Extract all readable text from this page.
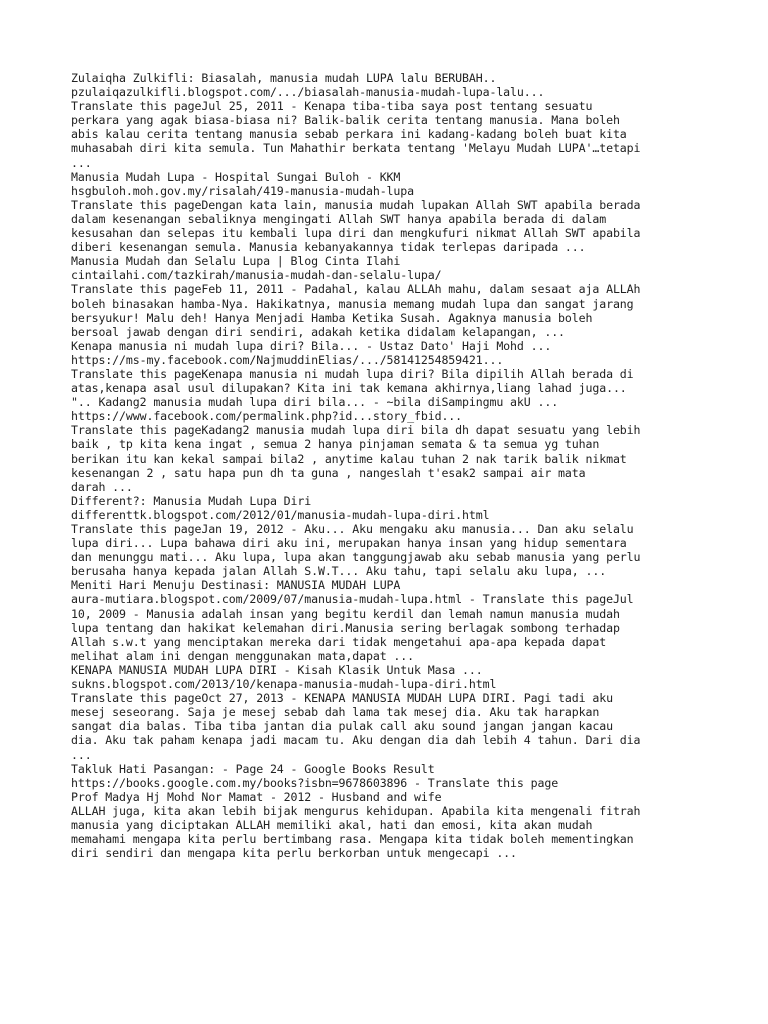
Zulaiqha Zulkifli: Biasalah, manusia mudah LUPA lalu BERUBAH..
pzulaiqazulkifli.blogspot.com/.../biasalah-manusia-mudah-lupa-lalu...
Translate this pageJul 25, 2011 - Kenapa tiba-tiba saya post tentang sesuatu
perkara yang agak biasa-biasa ni? Balik-balik cerita tentang manusia. Mana boleh
abis kalau cerita tentang manusia sebab perkara ini kadang-kadang boleh buat kita
muhasabah diri kita semula. Tun Mahathir berkata tentang 'Melayu Mudah LUPA'…tetapi
...
Manusia Mudah Lupa - Hospital Sungai Buloh - KKM
hsgbuloh.moh.gov.my/risalah/419-manusia-mudah-lupa
Translate this pageDengan kata lain, manusia mudah lupakan Allah SWT apabila berada
dalam kesenangan sebaliknya mengingati Allah SWT hanya apabila berada di dalam
kesusahan dan selepas itu kembali lupa diri dan mengkufuri nikmat Allah SWT apabila
diberi kesenangan semula. Manusia kebanyakannya tidak terlepas daripada ...
Manusia Mudah dan Selalu Lupa | Blog Cinta Ilahi
cintailahi.com/tazkirah/manusia-mudah-dan-selalu-lupa/
Translate this pageFeb 11, 2011 - Padahal, kalau ALLAh mahu, dalam sesaat aja ALLAh
boleh binasakan hamba-Nya. Hakikatnya, manusia memang mudah lupa dan sangat jarang
bersyukur! Malu deh! Hanya Menjadi Hamba Ketika Susah. Agaknya manusia boleh
bersoal jawab dengan diri sendiri, adakah ketika didalam kelapangan, ...
Kenapa manusia ni mudah lupa diri? Bila... - Ustaz Dato' Haji Mohd ...
https://ms-my.facebook.com/NajmuddinElias/.../58141254859421...
Translate this pageKenapa manusia ni mudah lupa diri? Bila dipilih Allah berada di
atas,kenapa asal usul dilupakan? Kita ini tak kemana akhirnya,liang lahad juga...
".. Kadang2 manusia mudah lupa diri bila... - ~bila diSampingmu akU ...
https://www.facebook.com/permalink.php?id...story_fbid...
Translate this pageKadang2 manusia mudah lupa diri bila dh dapat sesuatu yang lebih
baik , tp kita kena ingat , semua 2 hanya pinjaman semata & ta semua yg tuhan
berikan itu kan kekal sampai bila2 , anytime kalau tuhan 2 nak tarik balik nikmat
kesenangan 2 , satu hapa pun dh ta guna , nangeslah t'esak2 sampai air mata
darah ...
Different?: Manusia Mudah Lupa Diri
differenttk.blogspot.com/2012/01/manusia-mudah-lupa-diri.html
Translate this pageJan 19, 2012 - Aku... Aku mengaku aku manusia... Dan aku selalu
lupa diri... Lupa bahawa diri aku ini, merupakan hanya insan yang hidup sementara
dan menunggu mati... Aku lupa, lupa akan tanggungjawab aku sebab manusia yang perlu
berusaha hanya kepada jalan Allah S.W.T... Aku tahu, tapi selalu aku lupa, ...
Meniti Hari Menuju Destinasi: MANUSIA MUDAH LUPA
aura-mutiara.blogspot.com/2009/07/manusia-mudah-lupa.html - Translate this pageJul
10, 2009 - Manusia adalah insan yang begitu kerdil dan lemah namun manusia mudah
lupa tentang dan hakikat kelemahan diri.Manusia sering berlagak sombong terhadap
Allah s.w.t yang menciptakan mereka dari tidak mengetahui apa-apa kepada dapat
melihat alam ini dengan menggunakan mata,dapat ...
KENAPA MANUSIA MUDAH LUPA DIRI - Kisah Klasik Untuk Masa ...
sukns.blogspot.com/2013/10/kenapa-manusia-mudah-lupa-diri.html
Translate this pageOct 27, 2013 - KENAPA MANUSIA MUDAH LUPA DIRI. Pagi tadi aku
mesej seseorang. Saja je mesej sebab dah lama tak mesej dia. Aku tak harapkan
sangat dia balas. Tiba tiba jantan dia pulak call aku sound jangan jangan kacau
dia. Aku tak paham kenapa jadi macam tu. Aku dengan dia dah lebih 4 tahun. Dari dia
...
Takluk Hati Pasangan: - Page 24 - Google Books Result
https://books.google.com.my/books?isbn=9678603896 - Translate this page
Prof Madya Hj Mohd Nor Mamat - 2012 - Husband and wife
ALLAH juga, kita akan lebih bijak mengurus kehidupan. Apabila kita mengenali fitrah
manusia yang diciptakan ALLAH memiliki akal, hati dan emosi, kita akan mudah
memahami mengapa kita perlu bertimbang rasa. Mengapa kita tidak boleh mementingkan
diri sendiri dan mengapa kita perlu berkorban untuk mengecapi ...
